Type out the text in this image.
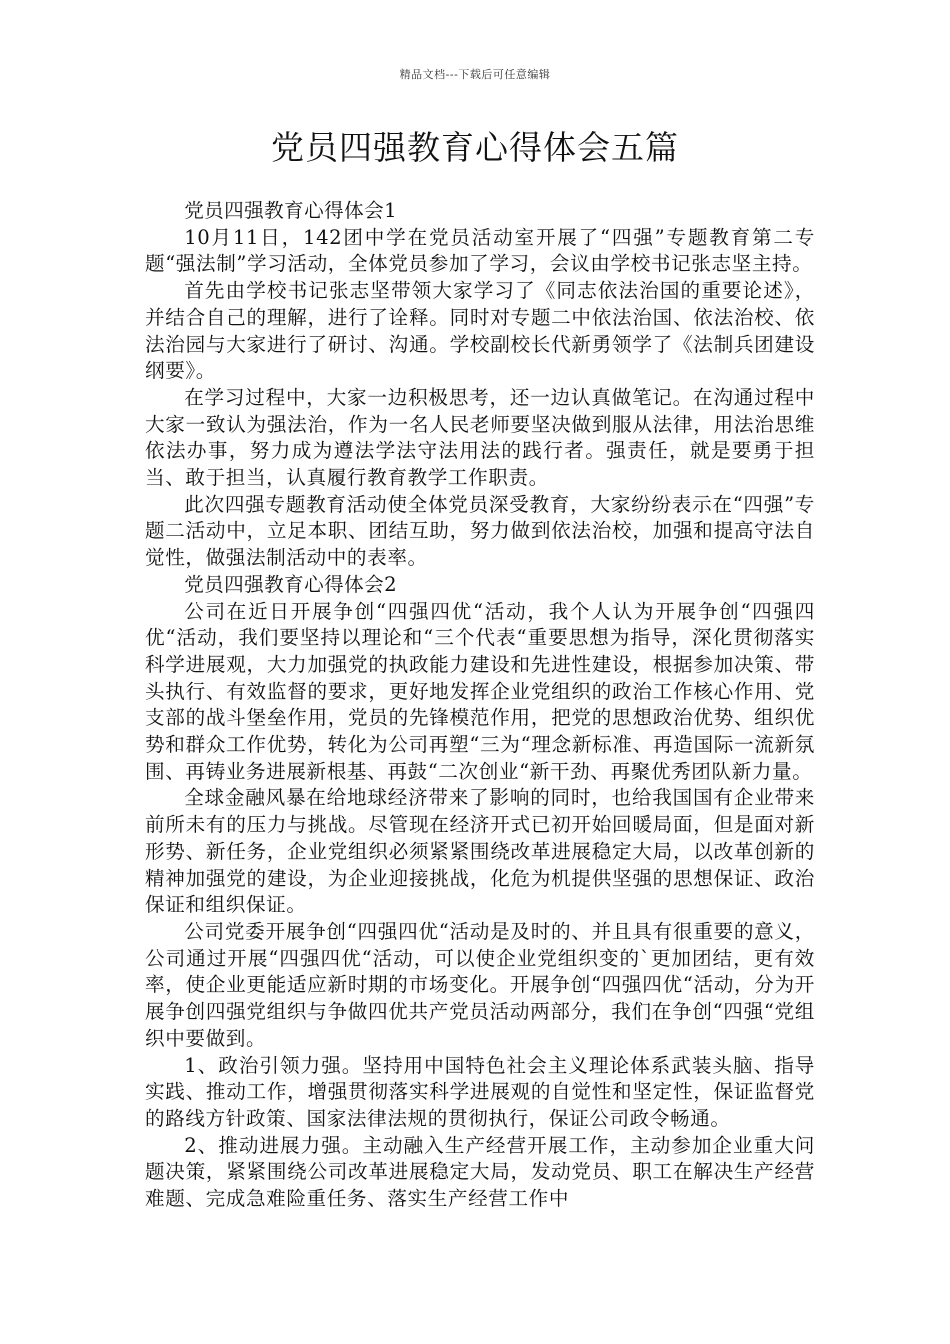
精品文档---下载后可任意编辑
党员四强教育心得体会五篇

党员四强教育心得体会1

10月11日，142团中学在党员活动室开展了“四强”专题教育第二专题“强法制”学习活动，全体党员参加了学习，会议由学校书记张志坚主持。

首先由学校书记张志坚带领大家学习了《同志依法治国的重要论述》，并结合自己的理解，进行了诠释。同时对专题二中依法治国、依法治校、依法治园与大家进行了研讨、沟通。学校副校长代新勇领学了《法制兵团建设纲要》。

在学习过程中，大家一边积极思考，还一边认真做笔记。在沟通过程中大家一致认为强法治，作为一名人民老师要坚决做到服从法律，用法治思维依法办事，努力成为遵法学法守法用法的践行者。强责任，就是要勇于担当、敢于担当，认真履行教育教学工作职责。

此次四强专题教育活动使全体党员深受教育，大家纷纷表示在“四强”专题二活动中，立足本职、团结互助，努力做到依法治校，加强和提高守法自觉性，做强法制活动中的表率。

党员四强教育心得体会2

公司在近日开展争创“四强四优“活动，我个人认为开展争创“四强四优“活动，我们要坚持以理论和“三个代表“重要思想为指导，深化贯彻落实科学进展观，大力加强党的执政能力建设和先进性建设，根据参加决策、带头执行、有效监督的要求，更好地发挥企业党组织的政治工作核心作用、党支部的战斗堡垒作用，党员的先锋模范作用，把党的思想政治优势、组织优势和群众工作优势，转化为公司再塑“三为“理念新标准、再造国际一流新氛围、再铸业务进展新根基、再鼓“二次创业“新干劲、再聚优秀团队新力量。

全球金融风暴在给地球经济带来了影响的同时，也给我国国有企业带来前所未有的压力与挑战。尽管现在经济开式已初开始回暖局面，但是面对新形势、新任务，企业党组织必须紧紧围绕改革进展稳定大局，以改革创新的精神加强党的建设，为企业迎接挑战，化危为机提供坚强的思想保证、政治保证和组织保证。

公司党委开展争创“四强四优“活动是及时的、并且具有很重要的意义，公司通过开展“四强四优“活动，可以使企业党组织变的`更加团结，更有效率，使企业更能适应新时期的市场变化。开展争创“四强四优“活动，分为开展争创四强党组织与争做四优共产党员活动两部分，我们在争创“四强“党组织中要做到。

1、政治引领力强。坚持用中国特色社会主义理论体系武装头脑、指导实践、推动工作，增强贯彻落实科学进展观的自觉性和坚定性，保证监督党的路线方针政策、国家法律法规的贯彻执行，保证公司政令畅通。

2、推动进展力强。主动融入生产经营开展工作，主动参加企业重大问题决策，紧紧围绕公司改革进展稳定大局，发动党员、职工在解决生产经营难题、完成急难险重任务、落实生产经营工作中
